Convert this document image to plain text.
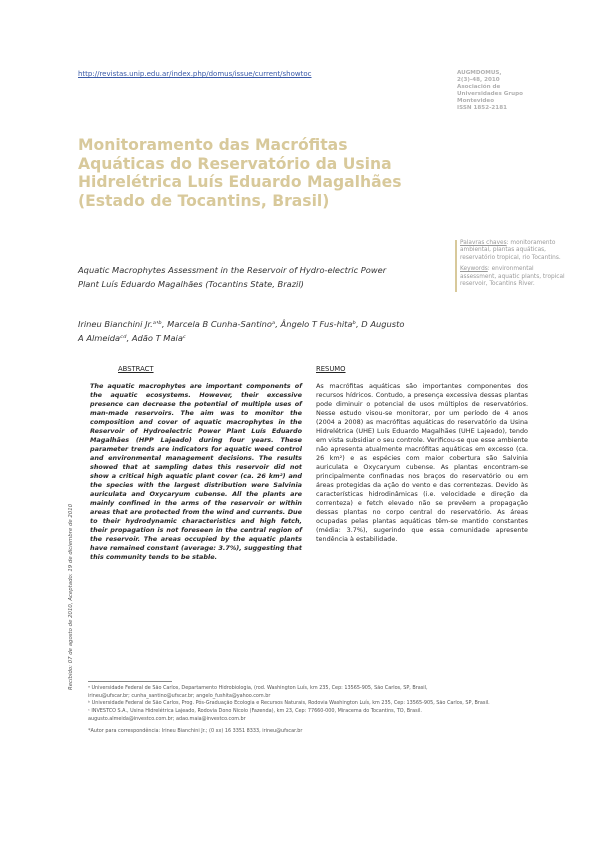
http://revistas.unip.edu.ar/index.php/domus/issue/current/showtoc	AUGMDOMUS,
2(3)-48, 2010
Asociación de
Universidades Grupo
Montevideo
ISSN 1852-2181
Monitoramento das Macrófitas Aquáticas do Reservatório da Usina Hidrelétrica Luís Eduardo Magalhães (Estado de Tocantins, Brasil)
Aquatic Macrophytes Assessment in the Reservoir of Hydro-electric Power Plant Luís Eduardo Magalhães (Tocantins State, Brazil)
Irineu Bianchini Jr.ᵃ'ᵇ, Marcela B Cunha-Santinoᵃ, Ângelo T Fus-hitaᵇ, D Augusto A Almeidaᶜᵈ, Adão T Maiaᶜ
Palavras chaves: monitoramento ambiental, plantas aquáticas, reservatório tropical, rio Tocantins.
Keywords: environmental assessment, aquatic plants, tropical reservoir, Tocantins River.
ABSTRACT	RESUMO
The aquatic macrophytes are important components of the aquatic ecosystems. However, their excessive presence can decrease the potential of multiple uses of man-made reservoirs. The aim was to monitor the composition and cover of aquatic macrophytes in the Reservoir of Hydroelectric Power Plant Luís Eduardo Magalhães (HPP Lajeado) during four years. These parameter trends are indicators for aquatic weed control and environmental management decisions. The results showed that at sampling dates this reservoir did not show a critical high aquatic plant cover (ca. 26 km²) and the species with the largest distribution were Salvinia auriculata and Oxycaryum cubense. All the plants are mainly confined in the arms of the reservoir or within areas that are protected from the wind and currents. Due to their hydrodynamic characteristics and high fetch, their propagation is not foreseen in the central region of the reservoir. The areas occupied by the aquatic plants have remained constant (average: 3.7%), suggesting that this community tends to be stable.
As macrófitas aquáticas são importantes componentes dos recursos hídricos. Contudo, a presença excessiva dessas plantas pode diminuir o potencial de usos múltiplos de reservatórios. Nesse estudo visou-se monitorar, por um período de 4 anos (2004 a 2008) as macrófitas aquáticas do reservatório da Usina Hidrelétrica (UHE) Luís Eduardo Magalhães (UHE Lajeado), tendo em vista subsidiar o seu controle. Verificou-se que esse ambiente não apresenta atualmente macrófitas aquáticas em excesso (ca. 26 km²) e as espécies com maior cobertura são Salvinia auriculata e Oxycaryum cubense. As plantas encontram-se principalmente confinadas nos braços do reservatório ou em áreas protegidas da ação do vento e das correntezas. Devido às características hidrodinâmicas (i.e. velocidade e direção da correnteza) e fetch elevado não se prevêem a propagação dessas plantas no corpo central do reservatório. As áreas ocupadas pelas plantas aquáticas têm-se mantido constantes (média: 3.7%), sugerindo que essa comunidade apresente tendência à estabilidade.
Recibido: 07 de agosto de 2010, Aceptado: 19 de diciembre de 2010	ᵃ Universidade Federal de São Carlos, Departamento Hidrobiologia, (rod. Washington Luís, km 235, Cep: 13565-905, São Carlos, SP, Brasil,

irineu@ufscar.br; cunha_santino@ufscar.br; angelo_fushita@yahoo.com.br

ᵇ Universidade Federal de São Carlos, Prog. Pós-Graduação Ecologia e Recursos Naturais, Rodovia Washington Luís, km 235, Cep: 13565-905, São Carlos, SP, Brasil.

ᶜ INVESTCO S.A., Usina Hidrelétrica Lajeado, Rodovia Dono Nicolo (Fazenda), km 23, Cep: 77660-000, Miracema do Tocantins, TO, Brasil.

augusto.almeida@investco.com.br; adao.maia@investco.com.br

*Autor para correspondência: Irineu Bianchini Jr.; (0 xx) 16 3351 8333, irineu@ufscar.br
